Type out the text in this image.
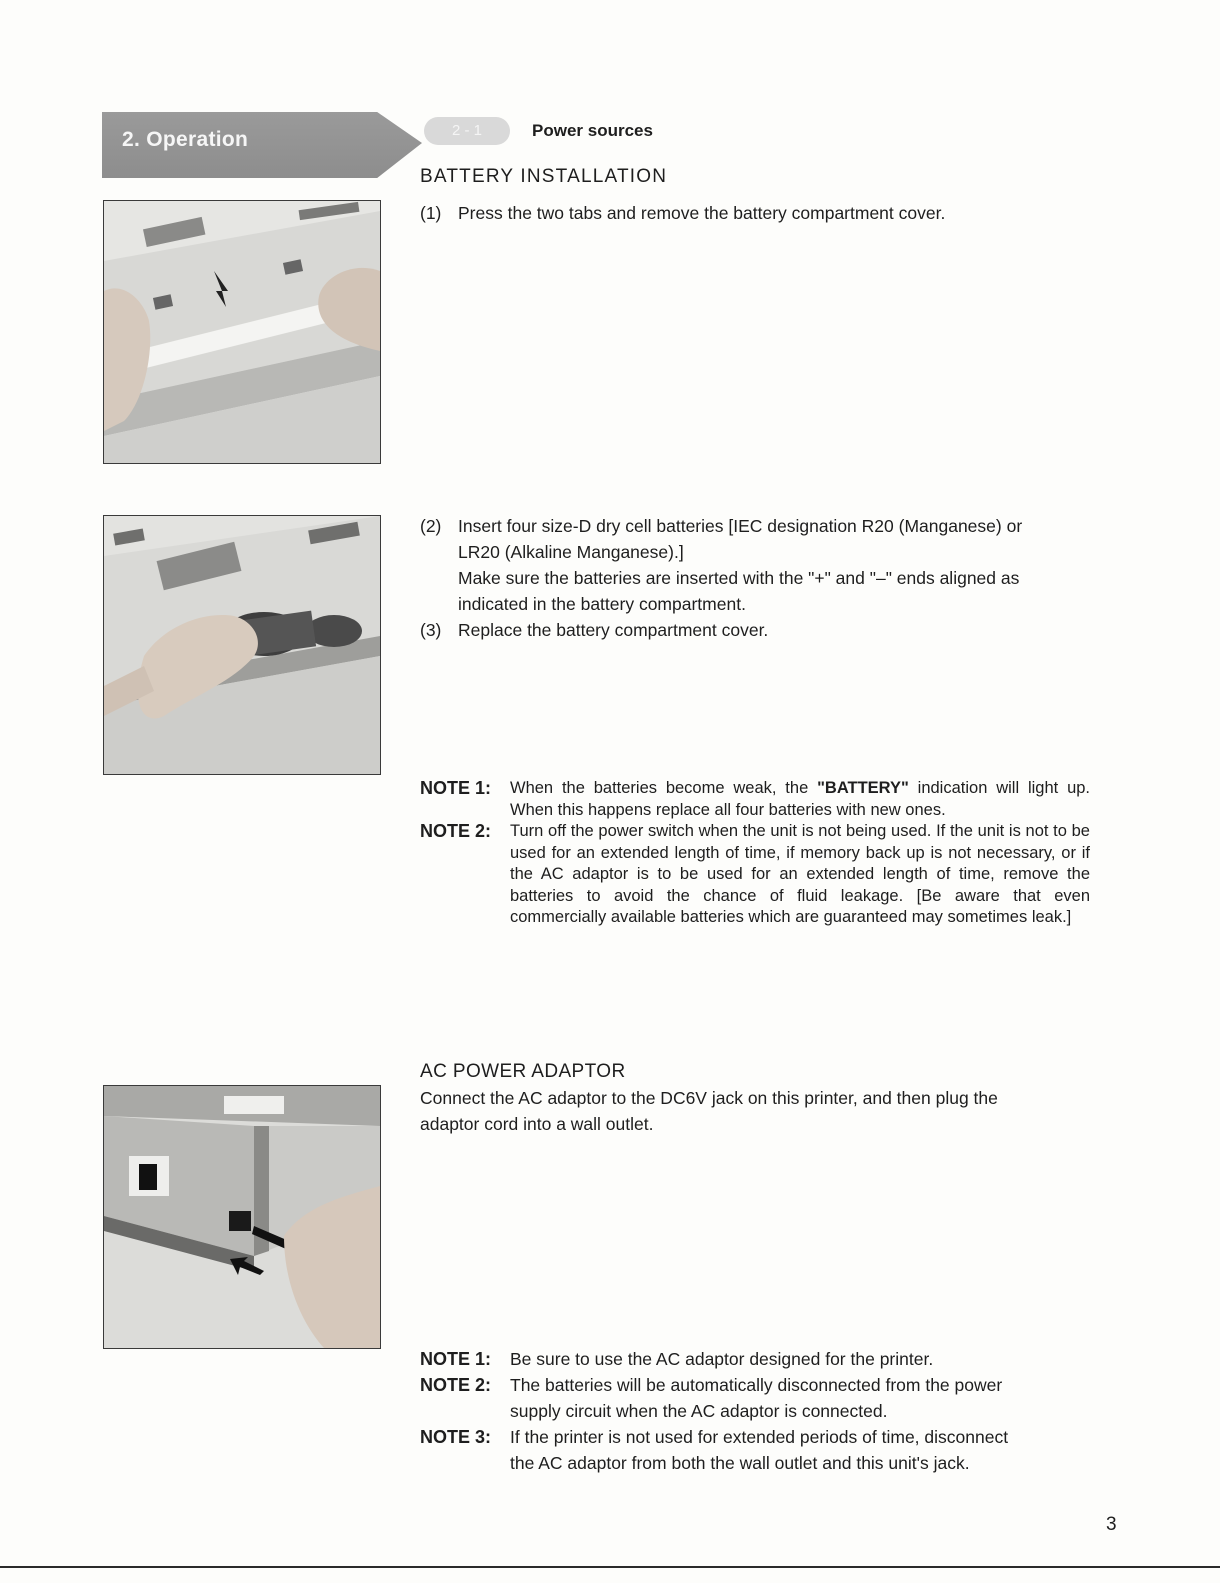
2. Operation	2 - 1	Power sources
BATTERY INSTALLATION
(1) Press the two tabs and remove the battery compartment cover.
(2) Insert four size-D dry cell batteries [IEC designation R20 (Manganese) or
LR20 (Alkaline Manganese).]
Make sure the batteries are inserted with the "+" and "–" ends aligned as
indicated in the battery compartment.
(3) Replace the battery compartment cover.
NOTE 1:	When the batteries become weak, the "BATTERY" indication will light up. When this happens replace all four batteries with new ones.
NOTE 2:	Turn off the power switch when the unit is not being used. If the unit is not to be used for an extended length of time, if memory back up is not necessary, or if the AC adaptor is to be used for an extended length of time, remove the batteries to avoid the chance of fluid leakage. [Be aware that even commercially available batteries which are guaranteed may sometimes leak.]
AC POWER ADAPTOR
Connect the AC adaptor to the DC6V jack on this printer, and then plug the
adaptor cord into a wall outlet.
NOTE 1:	Be sure to use the AC adaptor designed for the printer.
NOTE 2:	The batteries will be automatically disconnected from the power
supply circuit when the AC adaptor is connected.
NOTE 3:	If the printer is not used for extended periods of time, disconnect
the AC adaptor from both the wall outlet and this unit's jack.
3
